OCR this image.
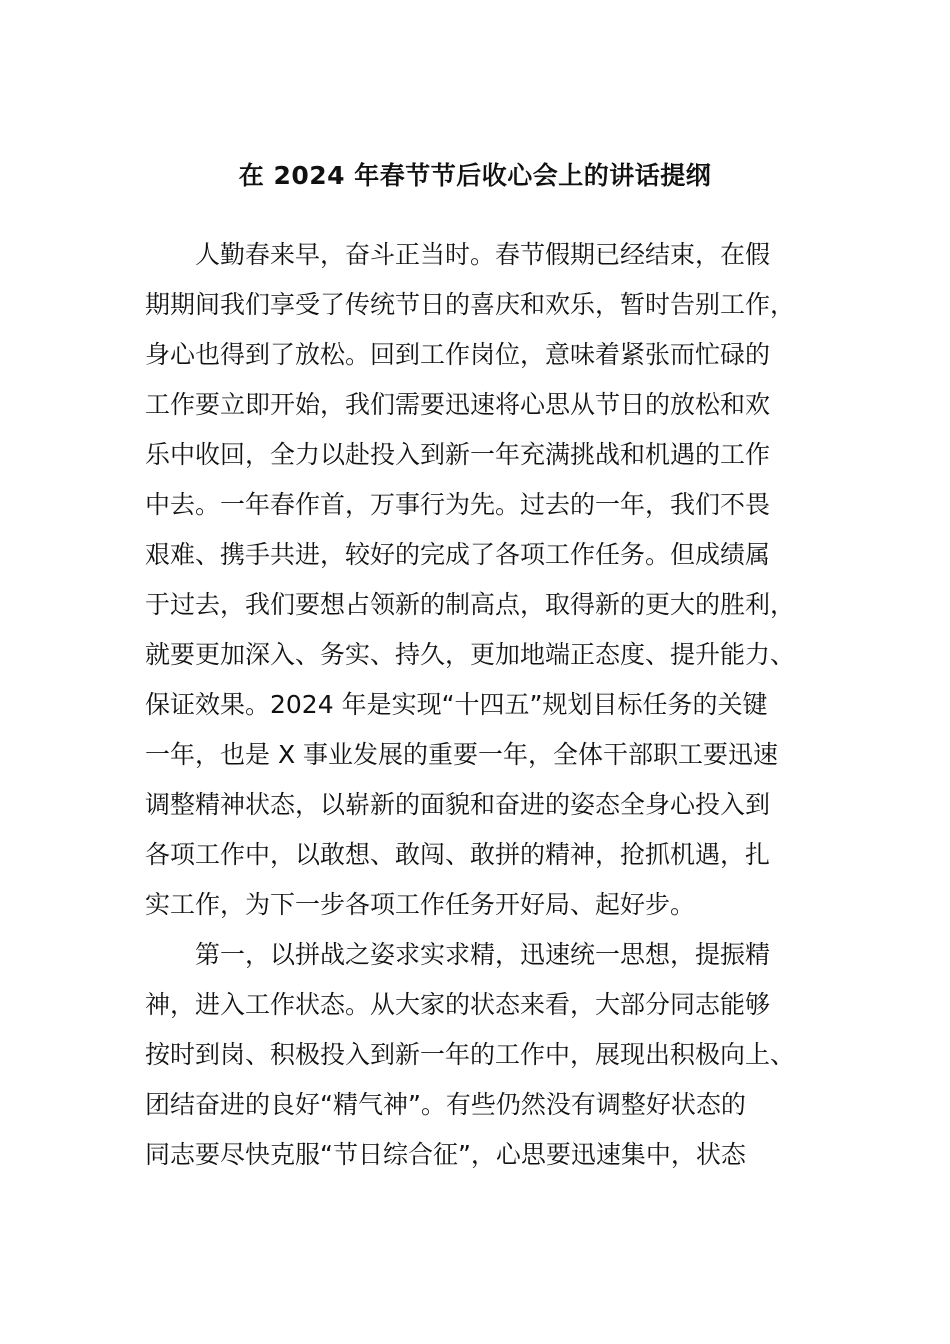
在 2024 年春节节后收心会上的讲话提纲
　　人勤春来早，奋斗正当时。春节假期已经结束，在假
期期间我们享受了传统节日的喜庆和欢乐，暂时告别工作，
身心也得到了放松。回到工作岗位，意味着紧张而忙碌的
工作要立即开始，我们需要迅速将心思从节日的放松和欢
乐中收回，全力以赴投入到新一年充满挑战和机遇的工作
中去。一年春作首，万事行为先。过去的一年，我们不畏
艰难、携手共进，较好的完成了各项工作任务。但成绩属
于过去，我们要想占领新的制高点，取得新的更大的胜利，
就要更加深入、务实、持久，更加地端正态度、提升能力、
保证效果。2024 年是实现“十四五”规划目标任务的关键
一年，也是 X 事业发展的重要一年，全体干部职工要迅速
调整精神状态，以崭新的面貌和奋进的姿态全身心投入到
各项工作中，以敢想、敢闯、敢拼的精神，抢抓机遇，扎
实工作，为下一步各项工作任务开好局、起好步。
　　第一，以拼战之姿求实求精，迅速统一思想，提振精
神，进入工作状态。从大家的状态来看，大部分同志能够
按时到岗、积极投入到新一年的工作中，展现出积极向上、
团结奋进的良好“精气神”。有些仍然没有调整好状态的
同志要尽快克服“节日综合征”，心思要迅速集中，状态
